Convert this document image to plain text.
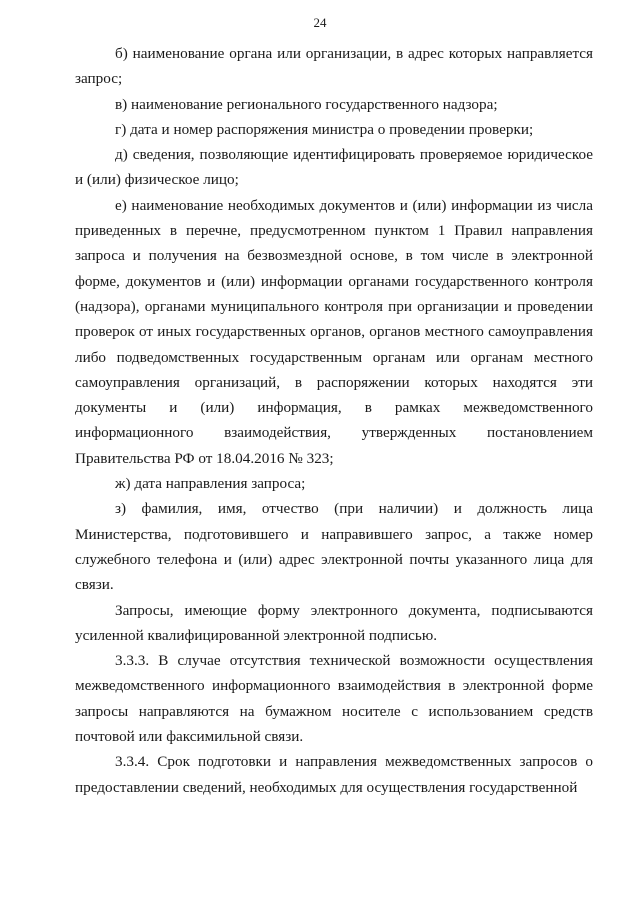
24

б) наименование органа или организации, в адрес которых направляется запрос;

в) наименование регионального государственного надзора;

г) дата и номер распоряжения министра о проведении проверки;

д) сведения, позволяющие идентифицировать проверяемое юридическое и (или) физическое лицо;

е) наименование необходимых документов и (или) информации из числа приведенных в перечне, предусмотренном пунктом 1 Правил направления запроса и получения на безвозмездной основе, в том числе в электронной форме, документов и (или) информации органами государственного контроля (надзора), органами муниципального контроля при организации и проведении проверок от иных государственных органов, органов местного самоуправления либо подведомственных государственным органам или органам местного самоуправления организаций, в распоряжении которых находятся эти документы и (или) информация, в рамках межведомственного информационного взаимодействия, утвержденных постановлением Правительства РФ от 18.04.2016 № 323;

ж) дата направления запроса;

з) фамилия, имя, отчество (при наличии) и должность лица Министерства, подготовившего и направившего запрос, а также номер служебного телефона и (или) адрес электронной почты указанного лица для связи.

Запросы, имеющие форму электронного документа, подписываются усиленной квалифицированной электронной подписью.

3.3.3. В случае отсутствия технической возможности осуществления межведомственного информационного взаимодействия в электронной форме запросы направляются на бумажном носителе с использованием средств почтовой или факсимильной связи.

3.3.4. Срок подготовки и направления межведомственных запросов о предоставлении сведений, необходимых для осуществления государственной
